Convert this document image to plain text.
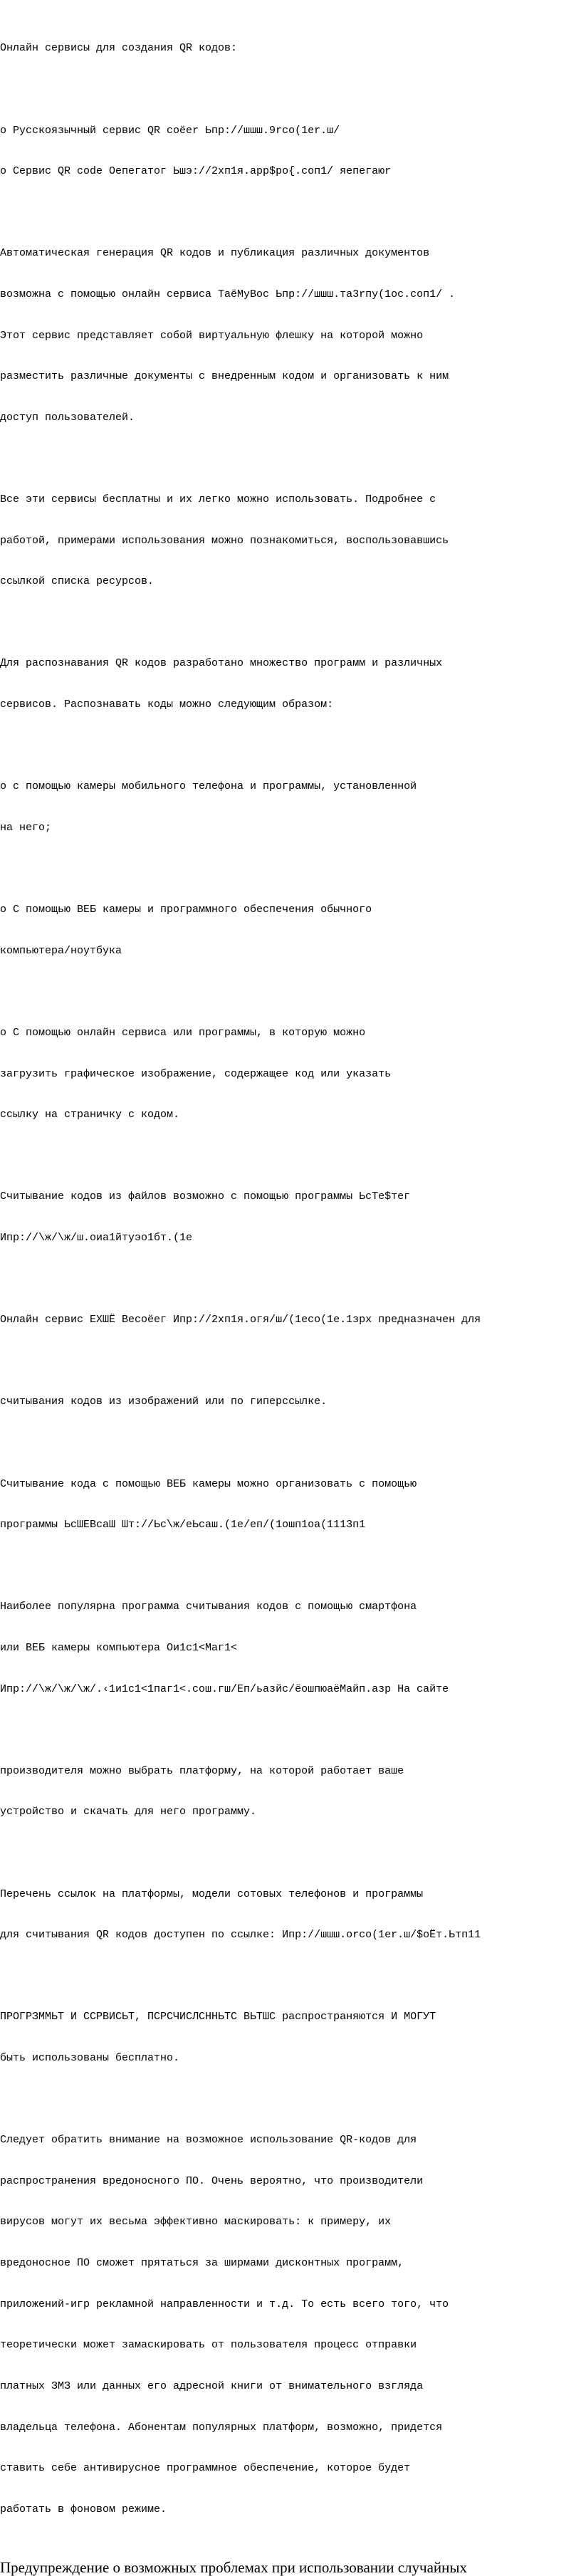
Онлайн сервисы для создания QR кодов:

o Русскоязычный сервис QR coёer Ьпр://шшш.9rco(1er.ш/

o Сервис QR code Оепегатог Ьшэ://2хп1я.арр$po{.coп1/ яепегаюr

Автоматическая генерация QR кодов и публикация различных документов

возможна с помощью онлайн сервиса ТаёМуВос Ьпр://шшш.та3rпу(1ос.соп1/ .

Этот сервис представляет собой виртуальную флешку на которой можно

разместить различные документы с внедренным кодом и организовать к ним

доступ пользователей.

Все эти сервисы бесплатны и их легко можно использовать. Подробнее с

работой, примерами использования можно познакомиться, воспользовавшись

ссылкой списка ресурсов.

Для распознавания QR кодов разработано множество программ и различных

сервисов. Распознавать коды можно следующим образом:

o с помощью камеры мобильного телефона и программы, установленной

на него;

o С помощью ВЕБ камеры и программного обеспечения обычного

компьютера/ноутбука

o С помощью онлайн сервиса или программы, в которую можно

загрузить графическое изображение, содержащее код или указать

ссылку на страничку с кодом.

Считывание кодов из файлов возможно с помощью программы ЬсТе$тег

Ипр://\ж/\ж/ш.оиа1йтуэо1бт.(1е

Онлайн сервис ЕХШЁ Весоёег Ипр://2хп1я.огя/ш/(1есо(1е.1зрх предназначен для

считывания кодов из изображений или по гиперссылке.

Считывание кода с помощью ВЕБ камеры можно организовать с помощью

программы ЬсШЕВсаШ Шт://Ьс\ж/еЬсаш.(1е/еп/(1ошп1оа(1113п1

Наиболее популярна программа считывания кодов с помощью смартфона

или ВЕБ камеры компьютера Ои1с1<Маг1<

Ипр://\ж/\ж/\ж/.‹1и1с1<1паг1<.сош.гш/Еп/ьaзйс/ёошпюаёМайп.азр На сайте

производителя можно выбрать платформу, на которой работает ваше

устройство и скачать для него программу.

Перечень ссылок на платформы, модели сотовых телефонов и программы

для считывания QR кодов доступен по ссылке: Ипр://шшш.orco(1er.ш/$oЁт.Ьтп11

ПРОГРЗММЬТ И ССРВИСЬТ, ПСРСЧИСЛСННЬТС ВЬТШС распространяются И МОГУТ

быть использованы бесплатно.

Следует обратить внимание на возможное использование QR-кодов для

распространения вредоносного ПО. Очень вероятно, что производители

вирусов могут их весьма эффективно маскировать: к примеру, их

вредоносное ПО сможет прятаться за ширмами дисконтных программ,

приложений-игр рекламной направленности и т.д. То есть всего того, что

теоретически может замаскировать от пользователя процесс отправки

платных ЗМЗ или данных его адресной книги от внимательного взгляда

владельца телефона. Абонентам популярных платформ, возможно, придется

ставить себе антивирусное программное обеспечение, которое будет

работать в фоновом режиме.

Предупреждение о возможных проблемах при использовании случайных
